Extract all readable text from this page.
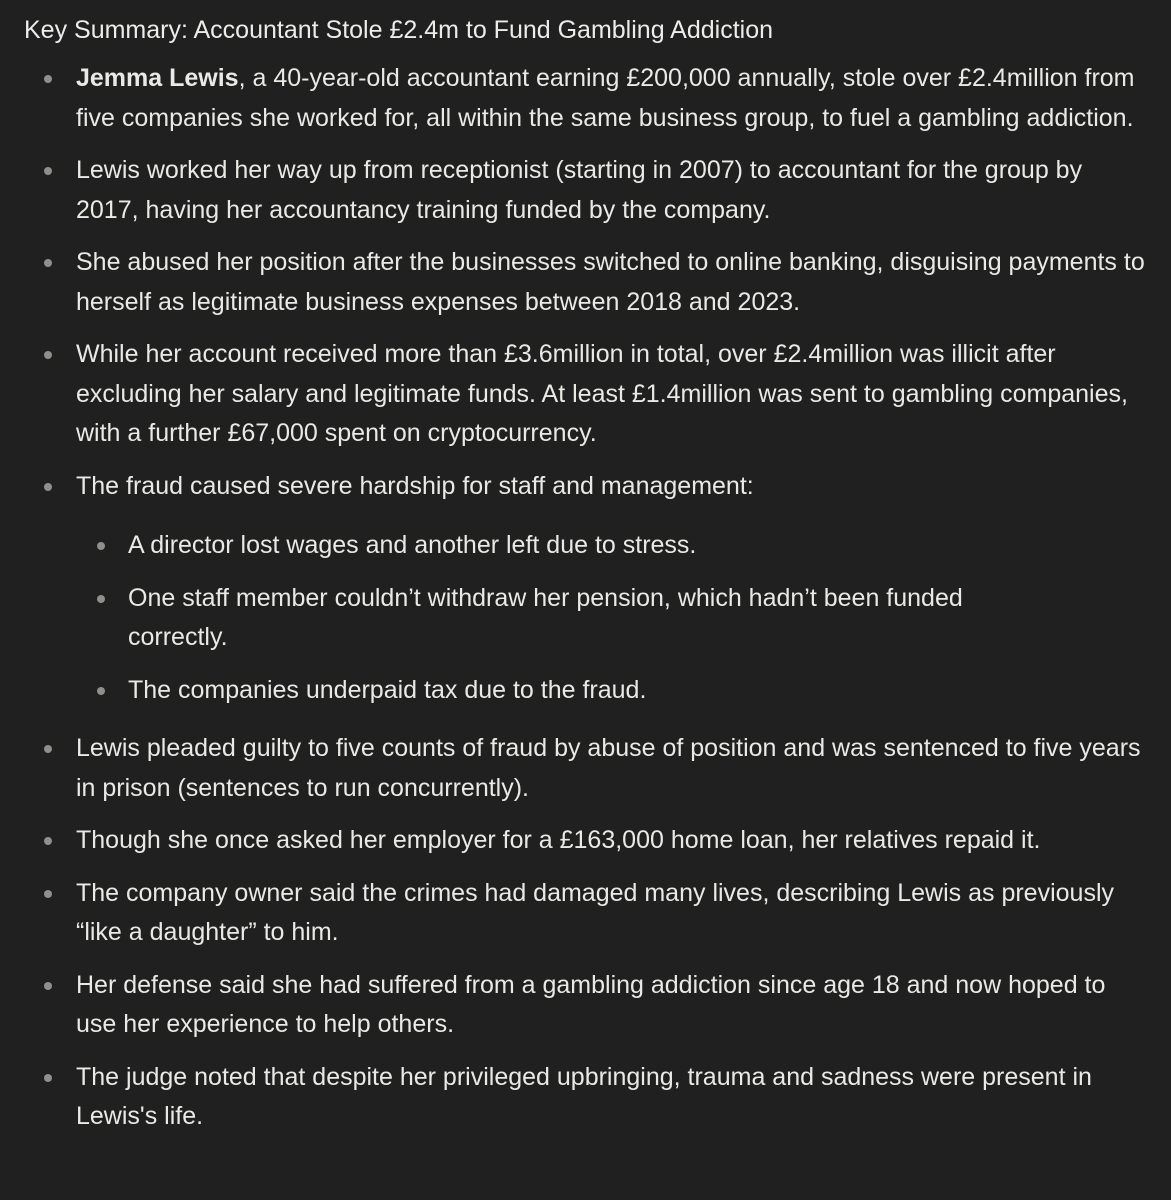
Key Summary: Accountant Stole £2.4m to Fund Gambling Addiction
Jemma Lewis, a 40-year-old accountant earning £200,000 annually, stole over £2.4million from five companies she worked for, all within the same business group, to fuel a gambling addiction.
Lewis worked her way up from receptionist (starting in 2007) to accountant for the group by 2017, having her accountancy training funded by the company.
She abused her position after the businesses switched to online banking, disguising payments to herself as legitimate business expenses between 2018 and 2023.
While her account received more than £3.6million in total, over £2.4million was illicit after excluding her salary and legitimate funds. At least £1.4million was sent to gambling companies, with a further £67,000 spent on cryptocurrency.
The fraud caused severe hardship for staff and management:
A director lost wages and another left due to stress.
One staff member couldn’t withdraw her pension, which hadn’t been funded correctly.
The companies underpaid tax due to the fraud.
Lewis pleaded guilty to five counts of fraud by abuse of position and was sentenced to five years in prison (sentences to run concurrently).
Though she once asked her employer for a £163,000 home loan, her relatives repaid it.
The company owner said the crimes had damaged many lives, describing Lewis as previously “like a daughter” to him.
Her defense said she had suffered from a gambling addiction since age 18 and now hoped to use her experience to help others.
The judge noted that despite her privileged upbringing, trauma and sadness were present in Lewis's life.
